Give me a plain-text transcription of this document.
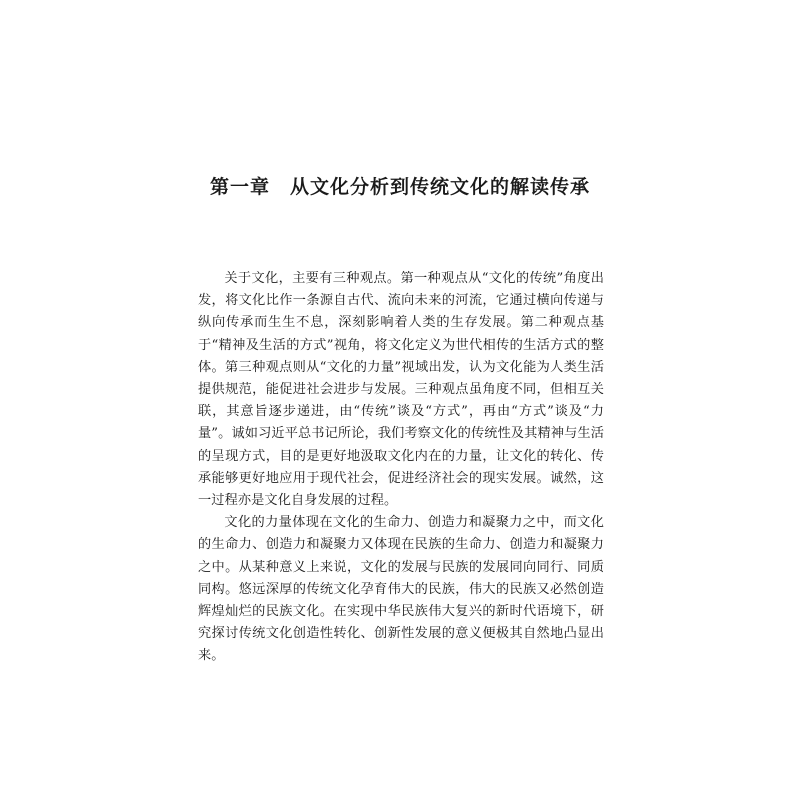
第一章　从文化分析到传统文化的解读传承

关于文化，主要有三种观点。第一种观点从“文化的传统”角度出发，将文化比作一条源自古代、流向未来的河流，它通过横向传递与纵向传承而生生不息，深刻影响着人类的生存发展。第二种观点基于“精神及生活的方式”视角，将文化定义为世代相传的生活方式的整体。第三种观点则从“文化的力量”视域出发，认为文化能为人类生活提供规范，能促进社会进步与发展。三种观点虽角度不同，但相互关联，其意旨逐步递进，由“传统”谈及“方式”，再由“方式”谈及“力量”。诚如习近平总书记所论，我们考察文化的传统性及其精神与生活的呈现方式，目的是更好地汲取文化内在的力量，让文化的转化、传承能够更好地应用于现代社会，促进经济社会的现实发展。诚然，这一过程亦是文化自身发展的过程。

文化的力量体现在文化的生命力、创造力和凝聚力之中，而文化的生命力、创造力和凝聚力又体现在民族的生命力、创造力和凝聚力之中。从某种意义上来说，文化的发展与民族的发展同向同行、同质同构。悠远深厚的传统文化孕育伟大的民族，伟大的民族又必然创造辉煌灿烂的民族文化。在实现中华民族伟大复兴的新时代语境下，研究探讨传统文化创造性转化、创新性发展的意义便极其自然地凸显出来。
